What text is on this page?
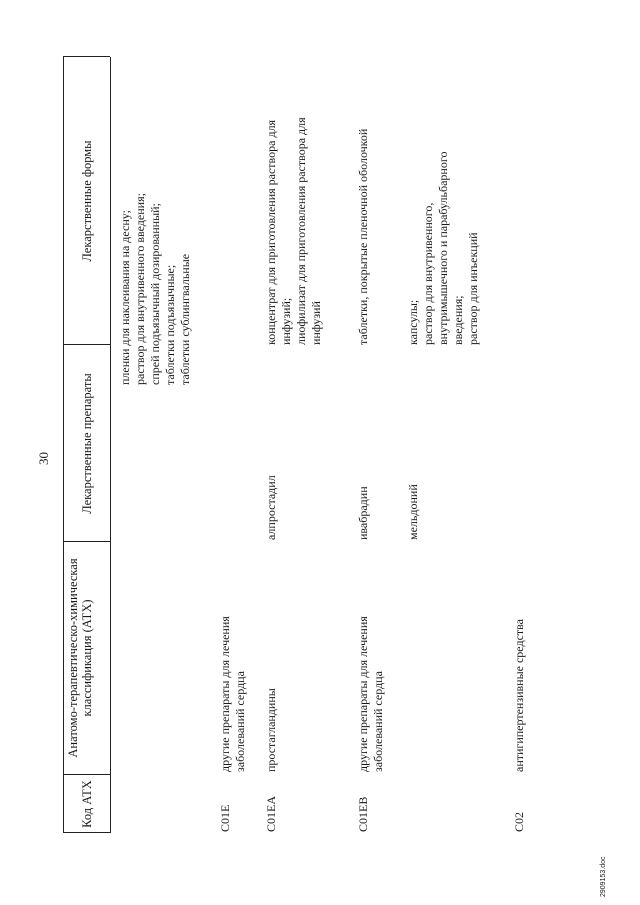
30
Код АТХ
Анатомо-терапевтическо-химическая классификация (АТХ)
Лекарственные препараты
Лекарственные формы
пленки для наклеивания на десну;
раствор для внутривенного введения;
спрей подъязычный дозированный;
таблетки подъязычные;
таблетки сублингвальные
C01E
другие препараты для лечения заболеваний сердца
C01EA
простагландины
алпростадил
концентрат для приготовления раствора для инфузий;
лиофилизат для приготовления раствора для инфузий
C01EB
другие препараты для лечения заболеваний сердца
ивабрадин
таблетки, покрытые пленочной оболочкой
мельдоний
капсулы;
раствор для внутривенного, внутримышечного и парабульбарного введения;
раствор для инъекций
C02
антигипертензивные средства
2909153.doc
